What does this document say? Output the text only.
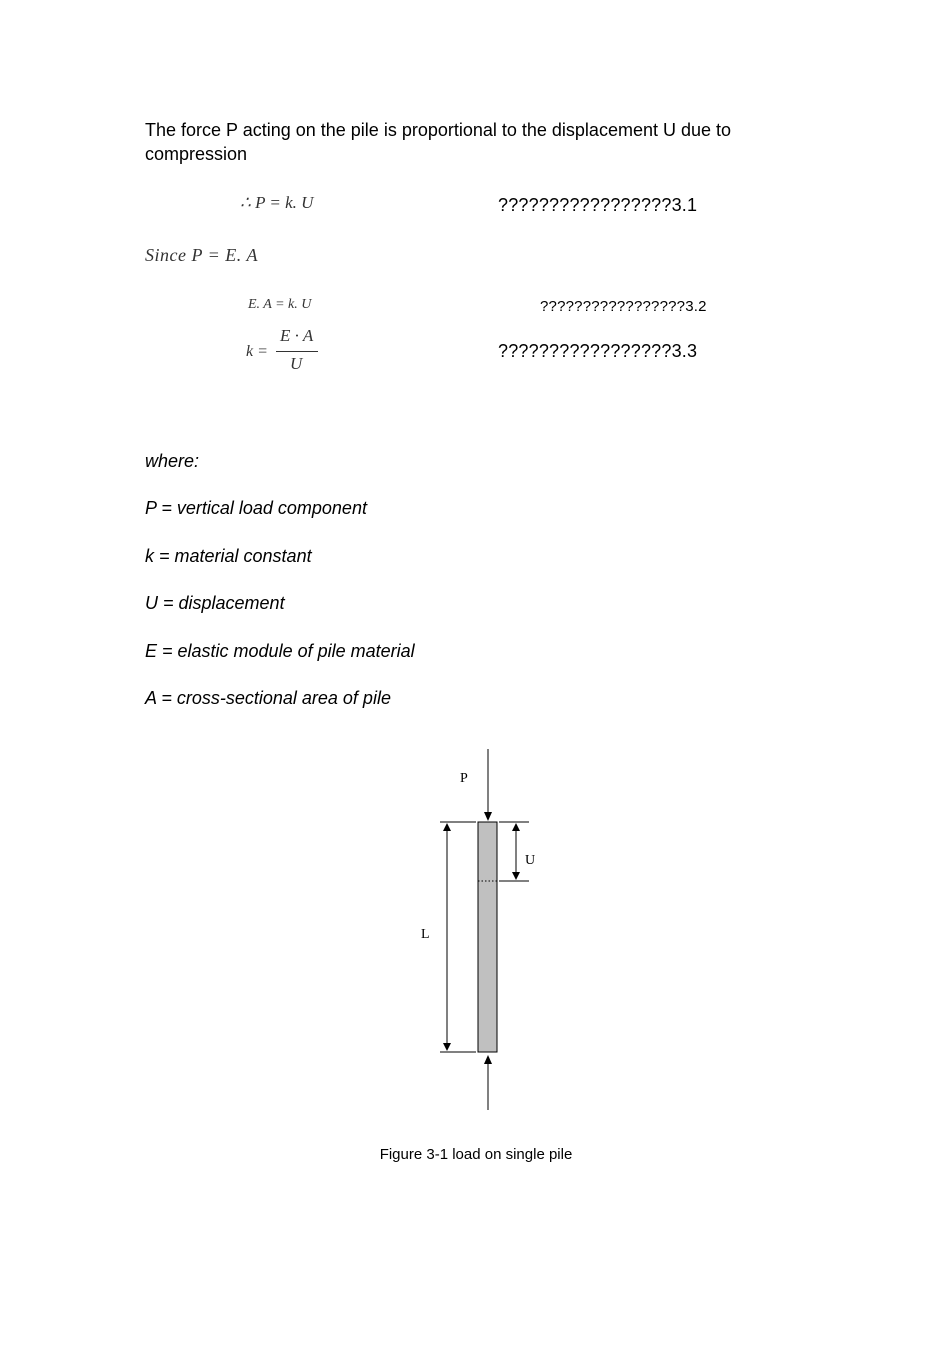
The force P acting on the pile is proportional to the displacement U due to compression
∴ P = k. U	?????????????????3.1
Since P = E. A
E. A = k. U	?????????????????3.2
k =
E · A
U
?????????????????3.3
where:
P = vertical load component
k = material constant
U = displacement
E = elastic module of pile material
A = cross-sectional area of pile
P
U
L
Figure 3-1 load on single pile
